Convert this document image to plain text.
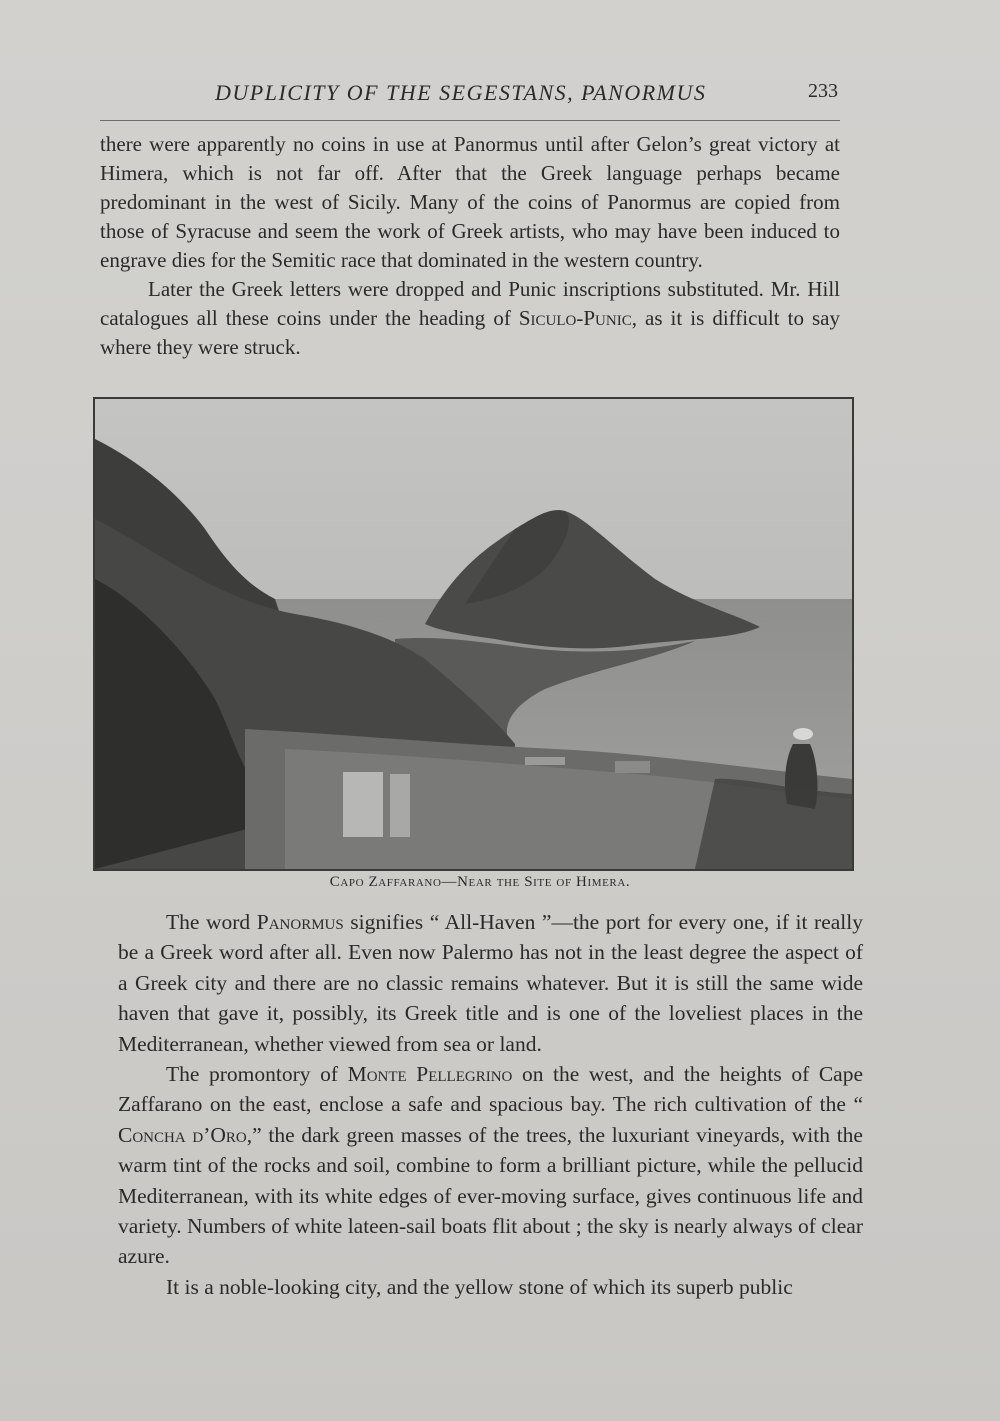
DUPLICITY OF THE SEGESTANS, PANORMUS	233

there were apparently no coins in use at Panormus until after Gelon’s great victory at Himera, which is not far off. After that the Greek language perhaps became predominant in the west of Sicily. Many of the coins of Panormus are copied from those of Syracuse and seem the work of Greek artists, who may have been induced to engrave dies for the Semitic race that dominated in the western country.

Later the Greek letters were dropped and Punic inscriptions substituted. Mr. Hill catalogues all these coins under the heading of Siculo-Punic, as it is difficult to say where they were struck.

Capo Zaffarano—Near the Site of Himera.

The word Panormus signifies “ All-Haven ”—the port for every one, if it really be a Greek word after all. Even now Palermo has not in the least degree the aspect of a Greek city and there are no classic remains whatever. But it is still the same wide haven that gave it, possibly, its Greek title and is one of the loveliest places in the Mediterranean, whether viewed from sea or land.

The promontory of Monte Pellegrino on the west, and the heights of Cape Zaffarano on the east, enclose a safe and spacious bay. The rich cultivation of the “ Concha d’Oro,” the dark green masses of the trees, the luxuriant vineyards, with the warm tint of the rocks and soil, combine to form a brilliant picture, while the pellucid Mediterranean, with its white edges of ever-moving surface, gives continuous life and variety. Numbers of white lateen-sail boats flit about ; the sky is nearly always of clear azure.

It is a noble-looking city, and the yellow stone of which its superb public
